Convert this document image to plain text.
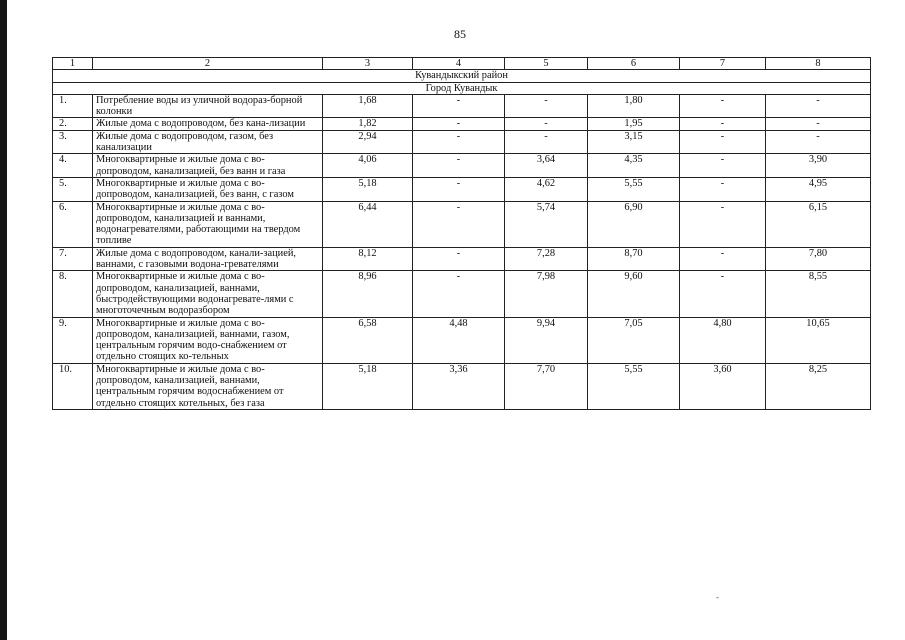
85
1	2	3	4	5	6	7	8
Кувандыкский район							
Город Кувандык							
1.	Потребление воды из уличной водораз-борной колонки	1,68	-	-	1,80	-	-
2.	Жилые дома с водопроводом, без кана-лизации	1,82	-	-	1,95	-	-
3.	Жилые дома с водопроводом, газом, без канализации	2,94	-	-	3,15	-	-
4.	Многоквартирные и жилые дома с во-допроводом, канализацией, без ванн и газа	4,06	-	3,64	4,35	-	3,90
5.	Многоквартирные и жилые дома с во-допроводом, канализацией, без ванн, с газом	5,18	-	4,62	5,55	-	4,95
6.	Многоквартирные и жилые дома с во-допроводом, канализацией и ваннами, водонагревателями, работающими на твердом топливе	6,44	-	5,74	6,90	-	6,15
7.	Жилые дома с водопроводом, канали-зацией, ваннами, с газовыми водона-гревателями	8,12	-	7,28	8,70	-	7,80
8.	Многоквартирные и жилые дома с во-допроводом, канализацией, ваннами, быстродействующими водонагревате-лями с многоточечным водоразбором	8,96	-	7,98	9,60	-	8,55
9.	Многоквартирные и жилые дома с во-допроводом, канализацией, ваннами, газом, центральным горячим водо-снабжением от отдельно стоящих ко-тельных	6,58	4,48	9,94	7,05	4,80	10,65
10.	Многоквартирные и жилые дома с во-допроводом, канализацией, ваннами, центральным горячим водоснабжением от отдельно стоящих котельных, без газа	5,18	3,36	7,70	5,55	3,60	8,25
-
